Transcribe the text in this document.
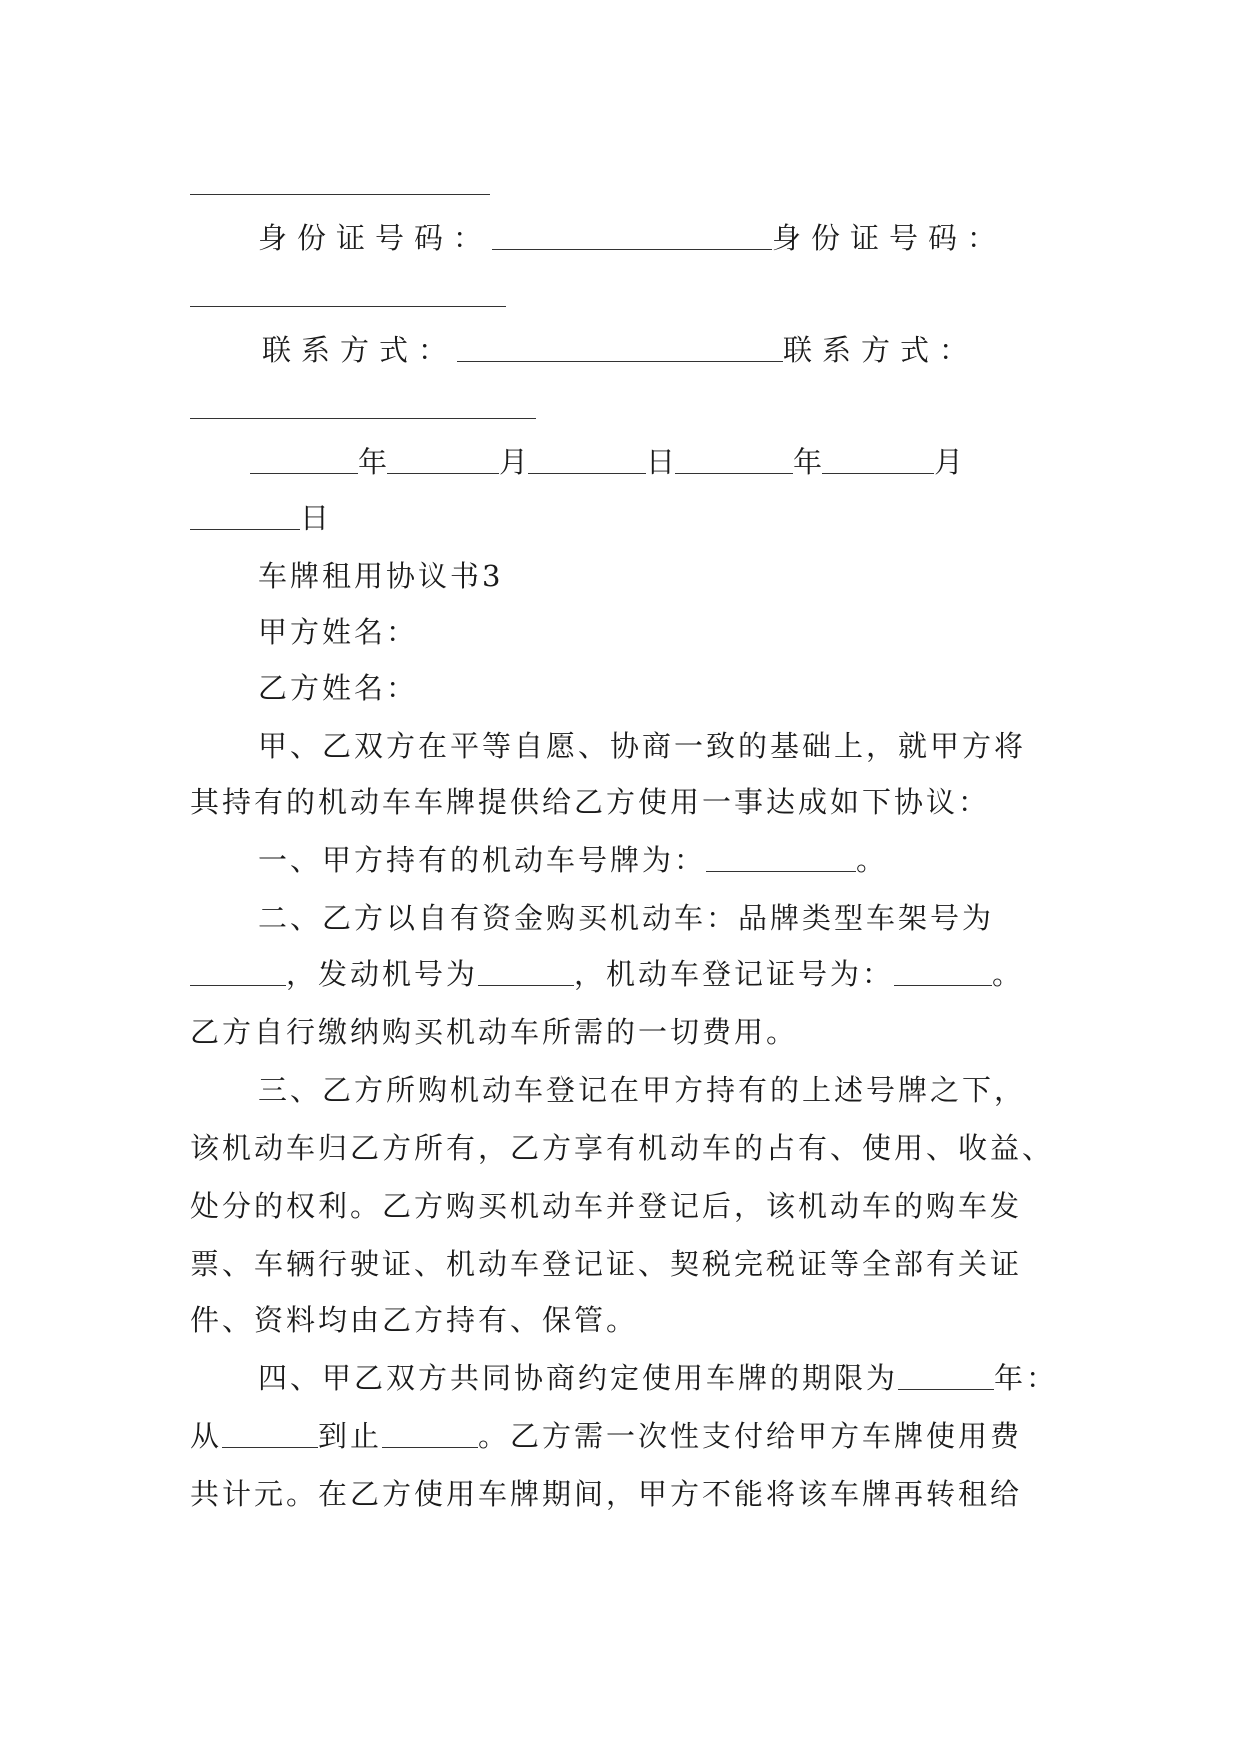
身份证号码：	身份证号码：
联系方式：	联系方式：
年	月	日	年	月
日
车牌租用协议书3
甲方姓名：
乙方姓名：
甲、乙双方在平等自愿、协商一致的基础上，就甲方将
其持有的机动车车牌提供给乙方使用一事达成如下协议：
一、甲方持有的机动车号牌为：	。
二、乙方以自有资金购买机动车：品牌类型车架号为
，发动机号为	，机动车登记证号为：	。
乙方自行缴纳购买机动车所需的一切费用。
三、乙方所购机动车登记在甲方持有的上述号牌之下，
该机动车归乙方所有，乙方享有机动车的占有、使用、收益、
处分的权利。乙方购买机动车并登记后，该机动车的购车发
票、车辆行驶证、机动车登记证、契税完税证等全部有关证
件、资料均由乙方持有、保管。
四、甲乙双方共同协商约定使用车牌的期限为	年：
从	到止	。乙方需一次性支付给甲方车牌使用费
共计元。在乙方使用车牌期间，甲方不能将该车牌再转租给
